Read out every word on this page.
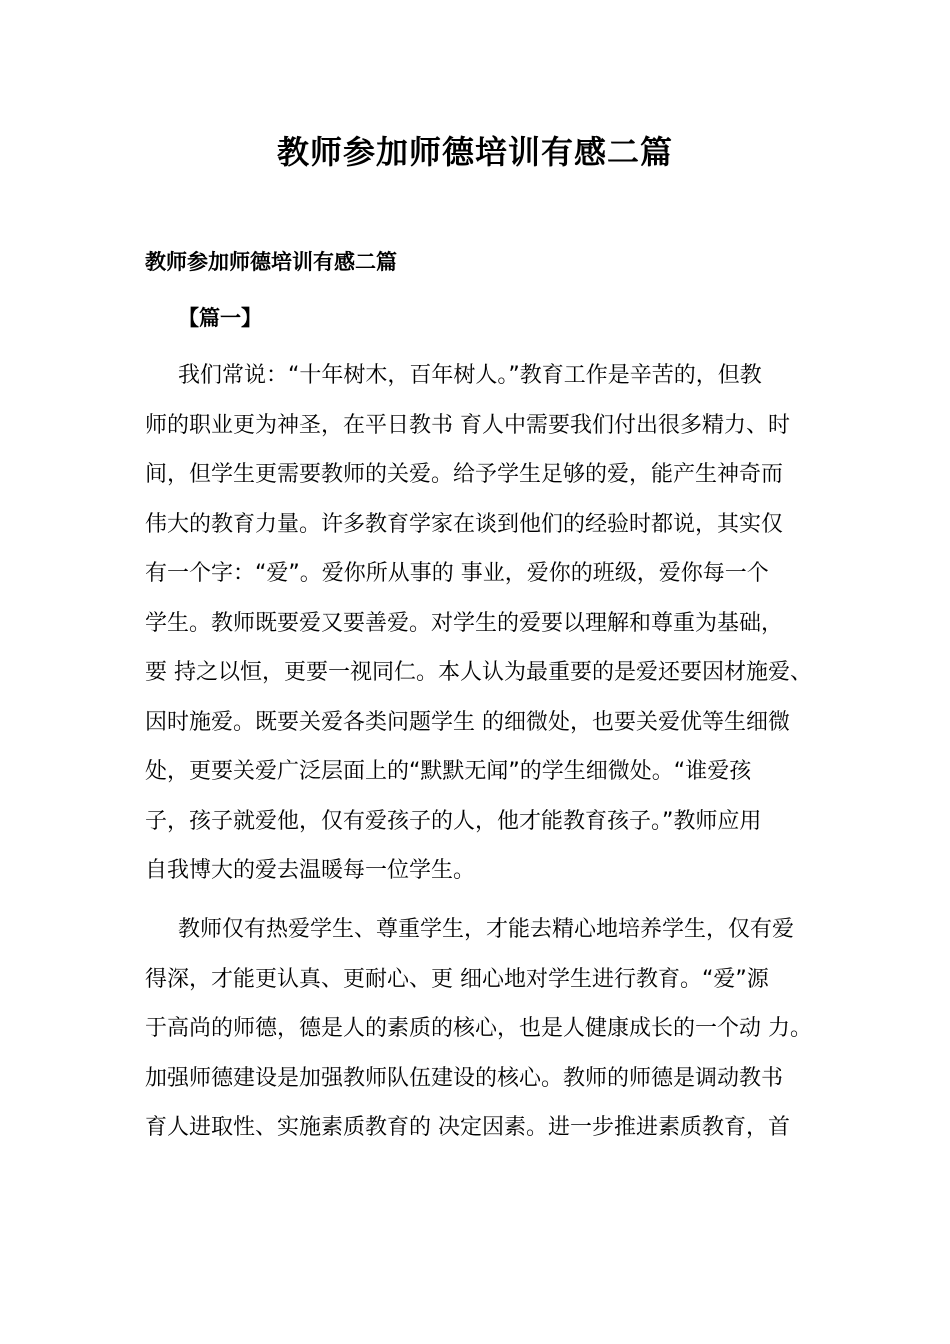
教师参加师德培训有感二篇
教师参加师德培训有感二篇
【篇一】

我们常说：“十年树木，百年树人。”教育工作是辛苦的，但教
师的职业更为神圣，在平日教书 育人中需要我们付出很多精力、时
间，但学生更需要教师的关爱。给予学生足够的爱，能产生神奇而
伟大的教育力量。许多教育学家在谈到他们的经验时都说，其实仅
有一个字：“爱”。爱你所从事的 事业，爱你的班级，爱你每一个
学生。教师既要爱又要善爱。对学生的爱要以理解和尊重为基础，
要 持之以恒，更要一视同仁。本人认为最重要的是爱还要因材施爱、
因时施爱。既要关爱各类问题学生 的细微处，也要关爱优等生细微
处，更要关爱广泛层面上的“默默无闻”的学生细微处。“谁爱孩
子，孩子就爱他，仅有爱孩子的人，他才能教育孩子。”教师应用
自我博大的爱去温暖每一位学生。

教师仅有热爱学生、尊重学生，才能去精心地培养学生，仅有爱
得深，才能更认真、更耐心、更 细心地对学生进行教育。“爱”源
于高尚的师德，德是人的素质的核心，也是人健康成长的一个动 力。
加强师德建设是加强教师队伍建设的核心。教师的师德是调动教书
育人进取性、实施素质教育的 决定因素。进一步推进素质教育，首
